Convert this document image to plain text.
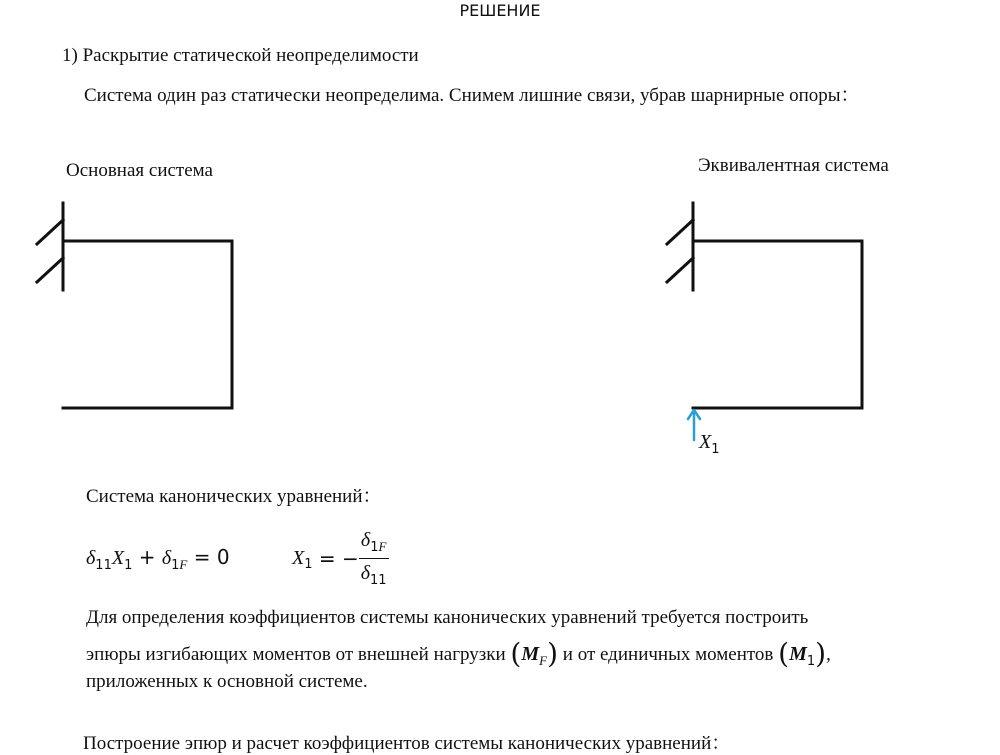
РЕШЕНИЕ
1) Раскрытие статической неопределимости
Система один раз статически неопределима. Снимем лишние связи, убрав шарнирные опоры：
Основная система	Эквивалентная система
$X_1$
Система канонических уравнений：
$\delta_{11}X_1 + \delta_{1F} = 0$	$X_1$ = − $\frac{\delta_{1F}}{\delta_{11}}$
Для определения коэффициентов системы канонических уравнений требуется построить
эпюры изгибающих моментов от внешней нагрузки $(M_F)$ и от единичных моментов $(M_1)$,
приложенных к основной системе.
Построение эпюр и расчет коэффициентов системы канонических уравнений：
